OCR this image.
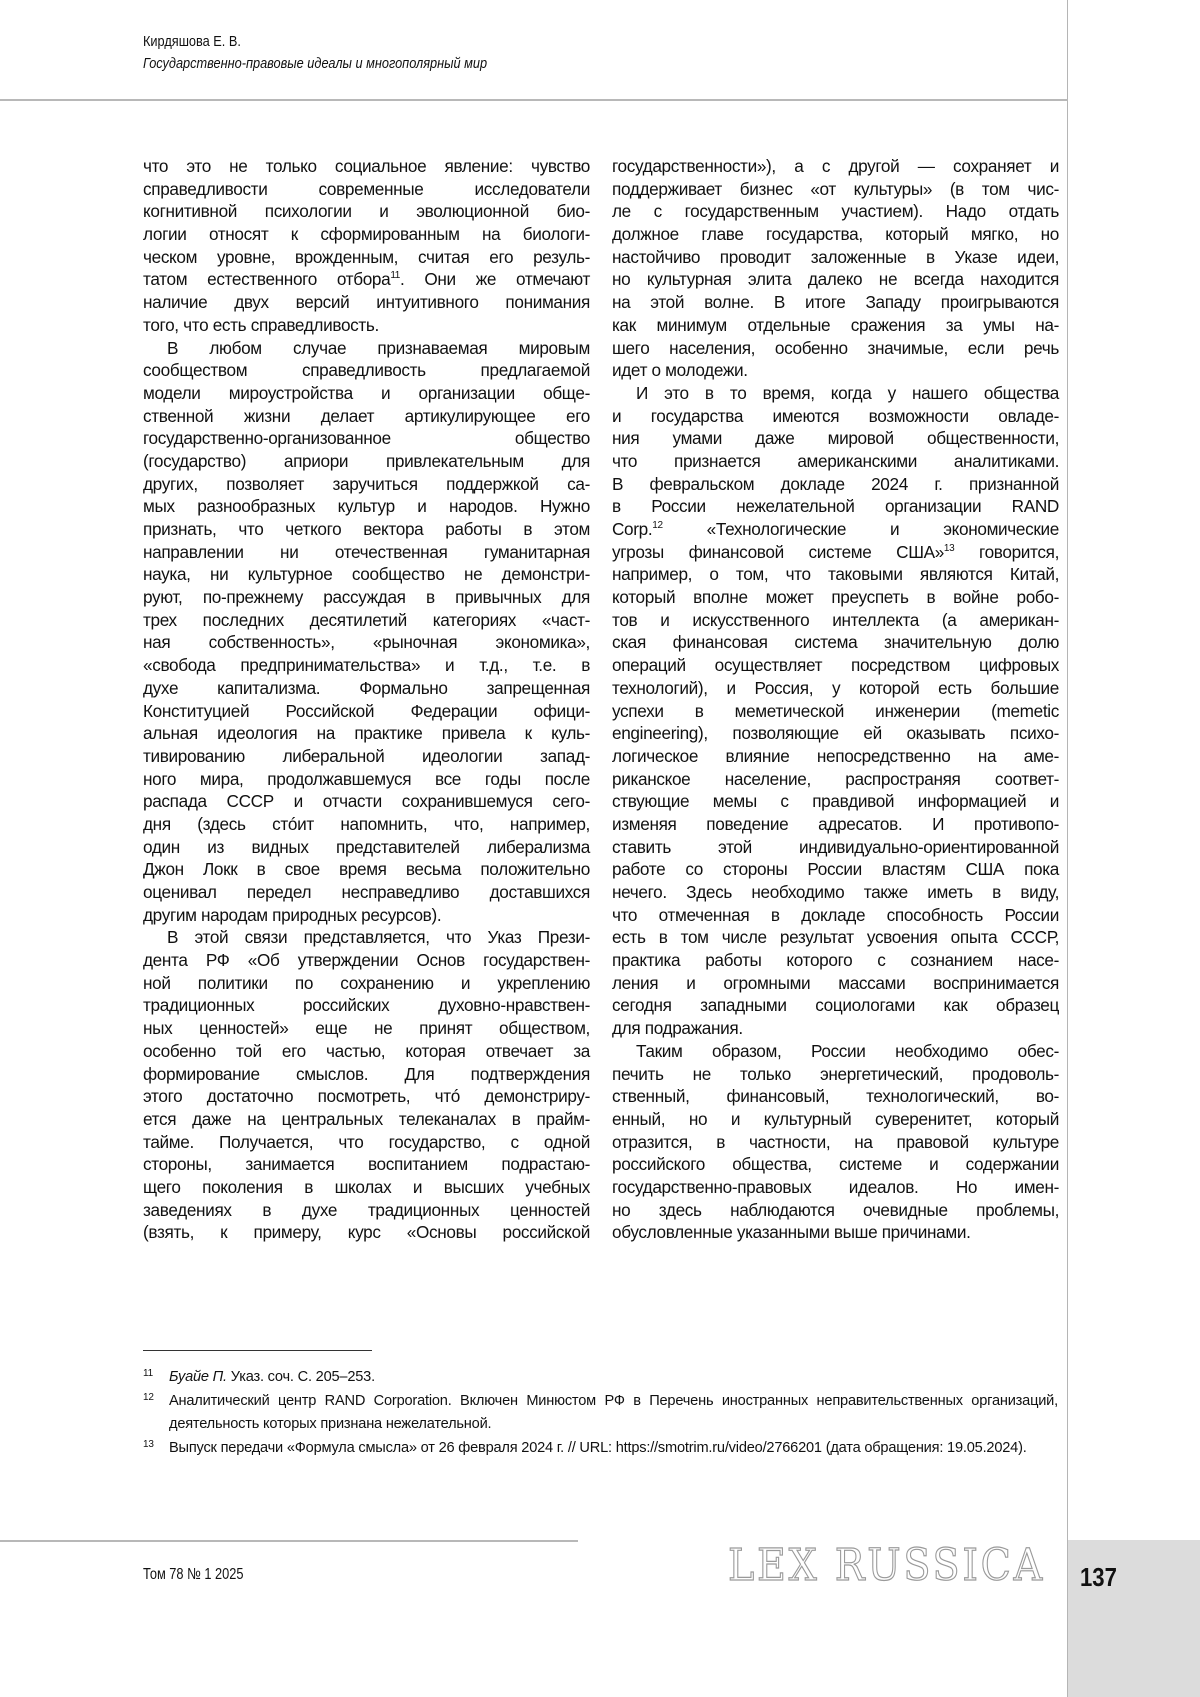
Кирдяшова Е. В.
Государственно-правовые идеалы и многополярный мир
что это не только социальное явление: чувство
справедливости современные исследователи
когнитивной психологии и эволюционной био-
логии относят к сформированным на биологи-
ческом уровне, врожденным, считая его резуль-
татом естественного отбора11. Они же отмечают
наличие двух версий интуитивного понимания
того, что есть справедливость.
В любом случае признаваемая мировым
сообществом справедливость предлагаемой
модели мироустройства и организации обще-
ственной жизни делает артикулирующее его
государственно-организованное общество
(государство) априори привлекательным для
других, позволяет заручиться поддержкой са-
мых разнообразных культур и народов. Нужно
признать, что четкого вектора работы в этом
направлении ни отечественная гуманитарная
наука, ни культурное сообщество не демонстри-
руют, по-прежнему рассуждая в привычных для
трех последних десятилетий категориях «част-
ная собственность», «рыночная экономика»,
«свобода предпринимательства» и т.д., т.е. в
духе капитализма. Формально запрещенная
Конституцией Российской Федерации офици-
альная идеология на практике привела к куль-
тивированию либеральной идеологии запад-
ного мира, продолжавшемуся все годы после
распада СССР и отчасти сохранившемуся сего-
дня (здесь стóит напомнить, что, например,
один из видных представителей либерализма
Джон Локк в свое время весьма положительно
оценивал передел несправедливо доставшихся
другим народам природных ресурсов).
В этой связи представляется, что Указ Прези-
дента РФ «Об утверждении Основ государствен-
ной политики по сохранению и укреплению
традиционных российских духовно-нравствен-
ных ценностей» еще не принят обществом,
особенно той его частью, которая отвечает за
формирование смыслов. Для подтверждения
этого достаточно посмотреть, чтó демонстриру-
ется даже на центральных телеканалах в прайм-
тайме. Получается, что государство, с одной
стороны, занимается воспитанием подрастаю-
щего поколения в школах и высших учебных
заведениях в духе традиционных ценностей
(взять, к примеру, курс «Основы российской
государственности»), а с другой — сохраняет и
поддерживает бизнес «от культуры» (в том чис-
ле с государственным участием). Надо отдать
должное главе государства, который мягко, но
настойчиво проводит заложенные в Указе идеи,
но культурная элита далеко не всегда находится
на этой волне. В итоге Западу проигрываются
как минимум отдельные сражения за умы на-
шего населения, особенно значимые, если речь
идет о молодежи.
И это в то время, когда у нашего общества
и государства имеются возможности овладе-
ния умами даже мировой общественности,
что признается американскими аналитиками.
В февральском докладе 2024 г. признанной
в России нежелательной организации RAND
Corp.12 «Технологические и экономические
угрозы финансовой системе США»13 говорится,
например, о том, что таковыми являются Китай,
который вполне может преуспеть в войне робо-
тов и искусственного интеллекта (а американ-
ская финансовая система значительную долю
операций осуществляет посредством цифровых
технологий), и Россия, у которой есть большие
успехи в меметической инженерии (memetic
engineering), позволяющие ей оказывать психо-
логическое влияние непосредственно на аме-
риканское население, распространяя соответ-
ствующие мемы с правдивой информацией и
изменяя поведение адресатов. И противопо-
ставить этой индивидуально-ориентированной
работе со стороны России властям США пока
нечего. Здесь необходимо также иметь в виду,
что отмеченная в докладе способность России
есть в том числе результат усвоения опыта СССР,
практика работы которого с сознанием насе-
ления и огромными массами воспринимается
сегодня западными социологами как образец
для подражания.
Таким образом, России необходимо обес-
печить не только энергетический, продоволь-
ственный, финансовый, технологический, во-
енный, но и культурный суверенитет, который
отразится, в частности, на правовой культуре
российского общества, системе и содержании
государственно-правовых идеалов. Но имен-
но здесь наблюдаются очевидные проблемы,
обусловленные указанными выше причинами.
11 Буайе П. Указ. соч. С. 205–253.
12 Аналитический центр RAND Corporation. Включен Минюстом РФ в Перечень иностранных неправитель­ственных организаций, деятельность которых признана нежелательной.
13 Выпуск передачи «Формула смысла» от 26 февраля 2024 г. // URL: https://smotrim.ru/video/2766201 (дата обращения: 19.05.2024).
Том 78 № 1 2025	LEX RUSSICA 137
